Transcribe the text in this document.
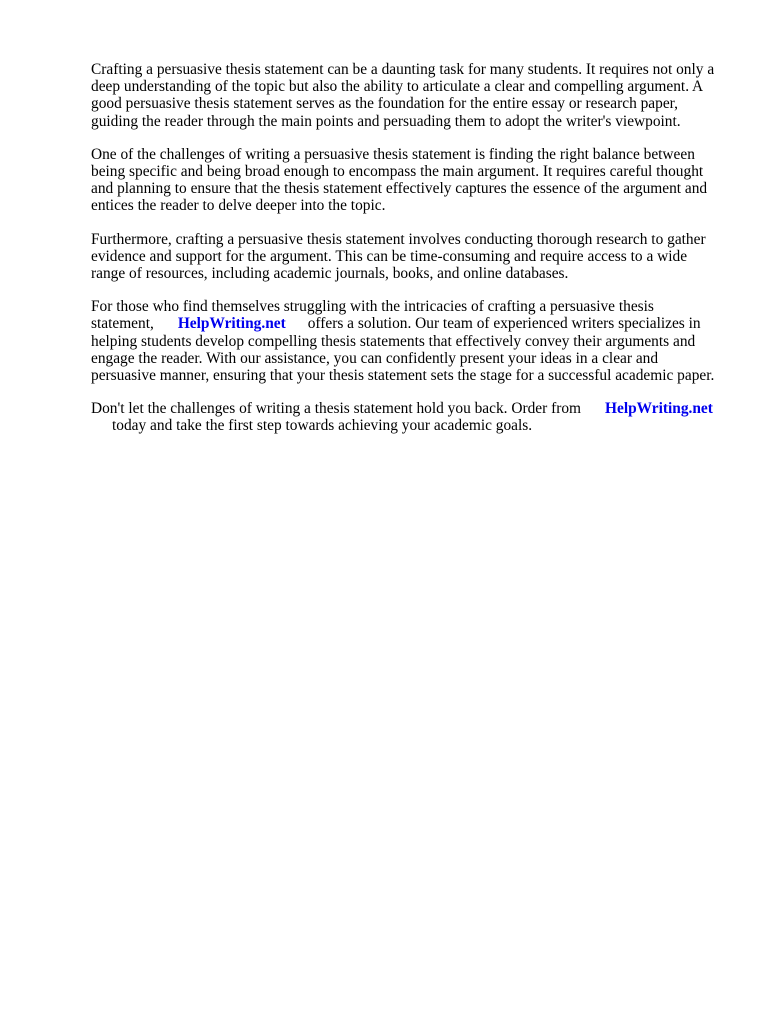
Crafting a persuasive thesis statement can be a daunting task for many students. It requires not only a deep understanding of the topic but also the ability to articulate a clear and compelling argument. A good persuasive thesis statement serves as the foundation for the entire essay or research paper, guiding the reader through the main points and persuading them to adopt the writer's viewpoint.

One of the challenges of writing a persuasive thesis statement is finding the right balance between being specific and being broad enough to encompass the main argument. It requires careful thought and planning to ensure that the thesis statement effectively captures the essence of the argument and entices the reader to delve deeper into the topic.

Furthermore, crafting a persuasive thesis statement involves conducting thorough research to gather evidence and support for the argument. This can be time-consuming and require access to a wide range of resources, including academic journals, books, and online databases.

For those who find themselves struggling with the intricacies of crafting a persuasive thesis statement, HelpWriting.net offers a solution. Our team of experienced writers specializes in helping students develop compelling thesis statements that effectively convey their arguments and engage the reader. With our assistance, you can confidently present your ideas in a clear and persuasive manner, ensuring that your thesis statement sets the stage for a successful academic paper.

Don't let the challenges of writing a thesis statement hold you back. Order from HelpWriting.net
today and take the first step towards achieving your academic goals.
